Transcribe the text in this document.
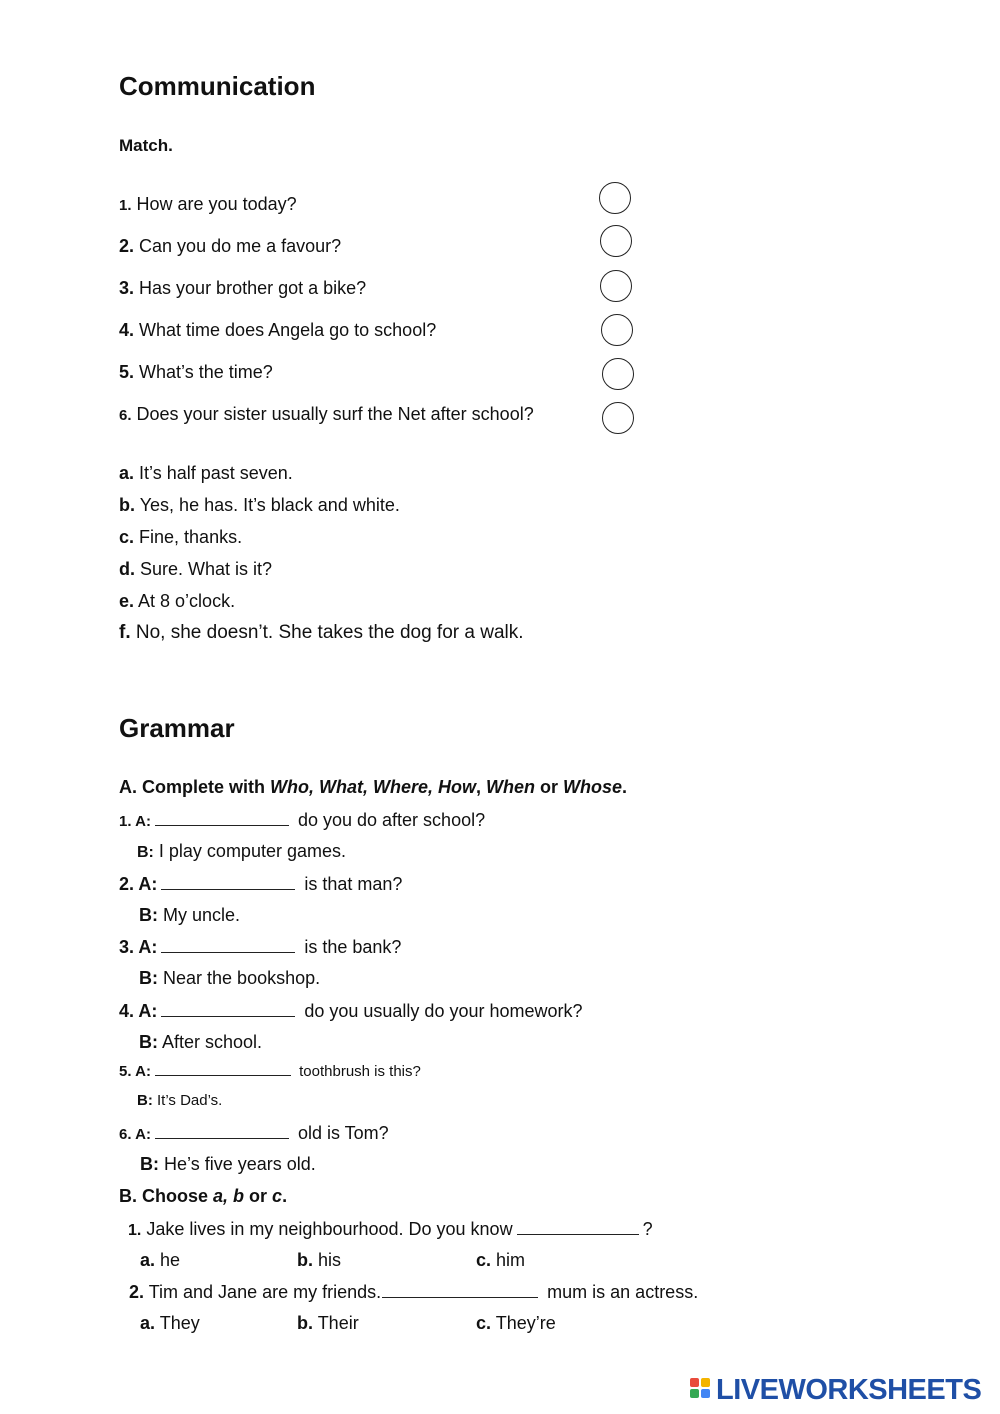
Communication
Match.
1. How are you today?
2. Can you do me a favour?
3. Has your brother got a bike?
4. What time does Angela go to school?
5. What’s the time?
6. Does your sister usually surf the Net after school?
a. It’s half past seven.
b. Yes, he has. It’s black and white.
c. Fine, thanks.
d. Sure. What is it?
e. At 8 o’clock.
f. No, she doesn’t. She takes the dog for a walk.
Grammar
A. Complete with Who, What, Where, How, When or Whose.
1. A:	do you do after school?
B: I play computer games.
2. A:	is that man?
B: My uncle.
3. A:	is the bank?
B: Near the bookshop.
4. A:	do you usually do your homework?
B: After school.
5. A:	toothbrush is this?
B: It’s Dad’s.
6. A:	old is Tom?
B: He’s five years old.
B. Choose a, b or c.
1. Jake lives in my neighbourhood. Do you know	?
a. he	b. his	c. him
2. Tim and Jane are my friends.	mum is an actress.
a. They	b. Their	c. They’re
LIVEWORKSHEETS
